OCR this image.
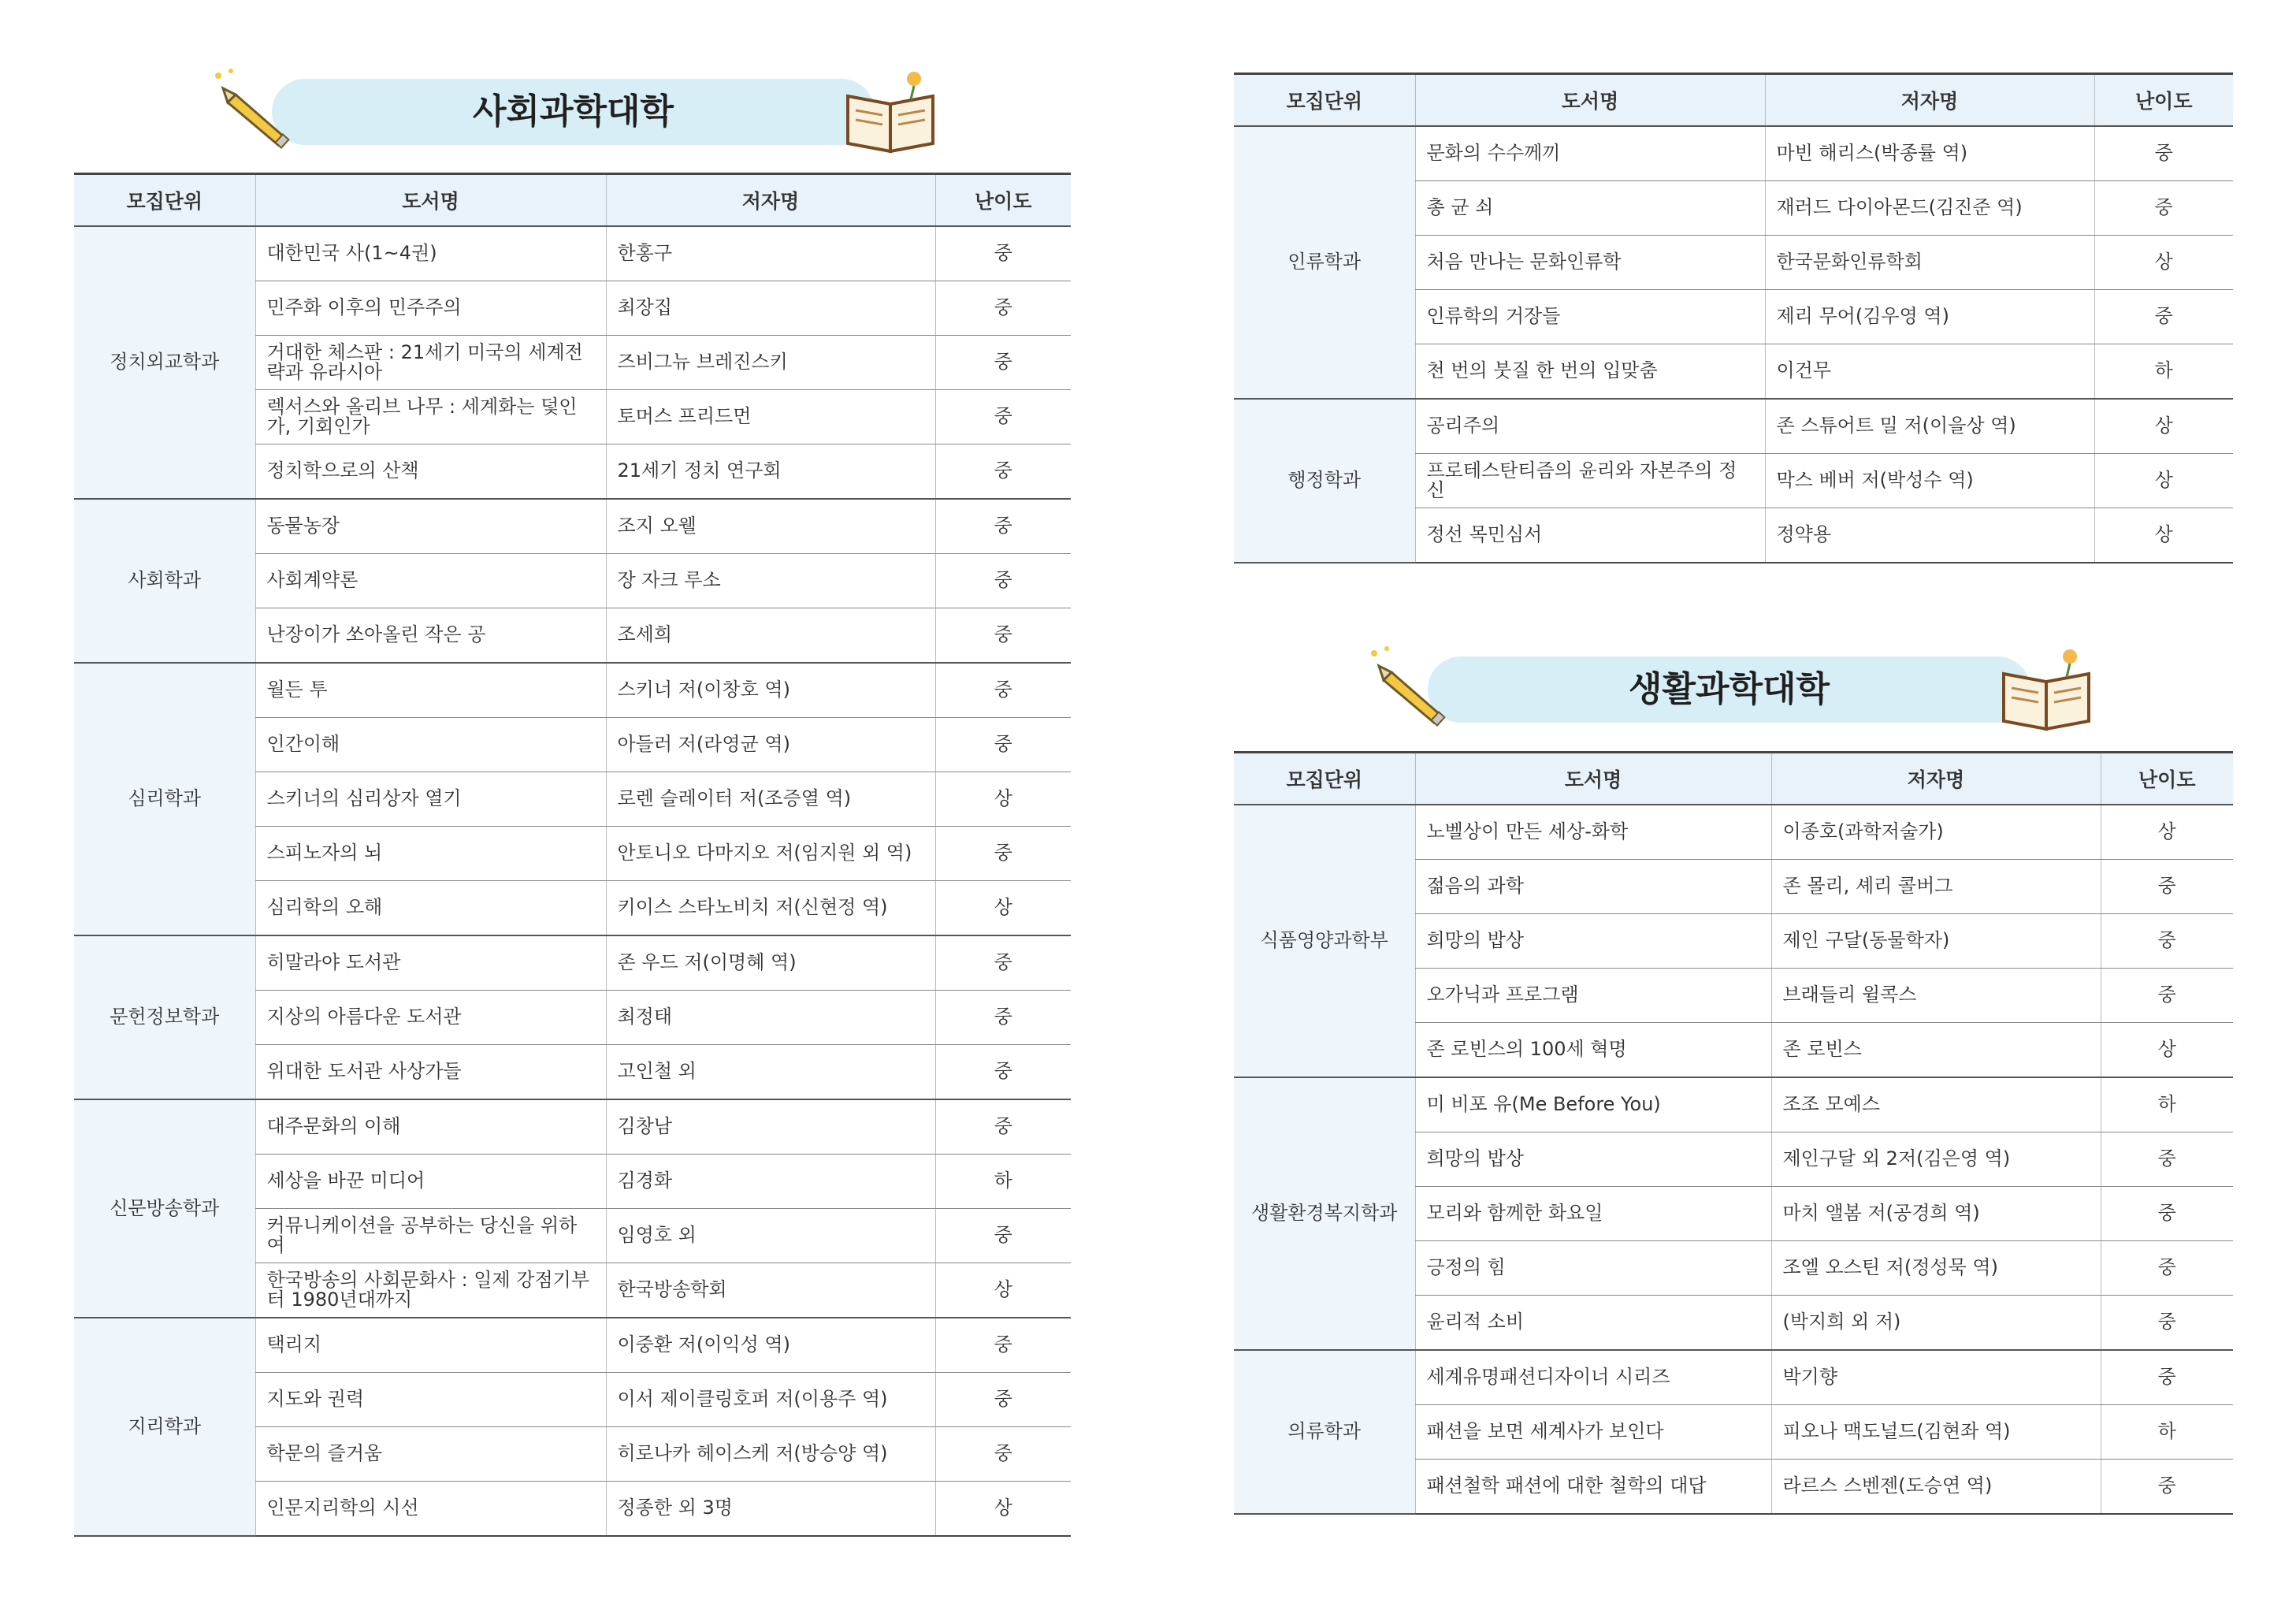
사회과학대학
모집단위	도서명	저자명	난이도
정치외교학과	대한민국 사(1~4권)	한홍구	중
	민주화 이후의 민주주의	최장집	중
	거대한 체스판 : 21세기 미국의 세계전략과 유라시아	즈비그뉴 브레진스키	중
	렉서스와 올리브 나무 : 세계화는 덫인가, 기회인가	토머스 프리드먼	중
	정치학으로의 산책	21세기 정치 연구회	중
사회학과	동물농장	조지 오웰	중
	사회계약론	장 자크 루소	중
	난장이가 쏘아올린 작은 공	조세희	중
심리학과	월든 투	스키너 저(이창호 역)	중
	인간이해	아들러 저(라영균 역)	중
	스키너의 심리상자 열기	로렌 슬레이터 저(조증열 역)	상
	스피노자의 뇌	안토니오 다마지오 저(임지원 외 역)	중
	심리학의 오해	키이스 스타노비치 저(신현정 역)	상
문헌정보학과	히말라야 도서관	존 우드 저(이명혜 역)	중
	지상의 아름다운 도서관	최정태	중
	위대한 도서관 사상가들	고인철 외	중
신문방송학과	대주문화의 이해	김창남	중
	세상을 바꾼 미디어	김경화	하
	커뮤니케이션을 공부하는 당신을 위하여	임영호 외	중
	한국방송의 사회문화사 : 일제 강점기부터 1980년대까지	한국방송학회	상
지리학과	택리지	이중환 저(이익성 역)	중
	지도와 권력	이서 제이클링호퍼 저(이용주 역)	중
	학문의 즐거움	히로나카 헤이스케 저(방승양 역)	중
	인문지리학의 시선	정종한 외 3명	상
모집단위	도서명	저자명	난이도
인류학과	문화의 수수께끼	마빈 해리스(박종률 역)	중
	총 균 쇠	재러드 다이아몬드(김진준 역)	중
	처음 만나는 문화인류학	한국문화인류학회	상
	인류학의 거장들	제리 무어(김우영 역)	중
	천 번의 붓질 한 번의 입맞춤	이건무	하
행정학과	공리주의	존 스튜어트 밀 저(이을상 역)	상
	프로테스탄티즘의 윤리와 자본주의 정신	막스 베버 저(박성수 역)	상
	정선 목민심서	정약용	상
생활과학대학
모집단위	도서명	저자명	난이도
식품영양과학부	노벨상이 만든 세상-화학	이종호(과학저술가)	상
	젊음의 과학	존 몰리, 셰리 콜버그	중
	희망의 밥상	제인 구달(동물학자)	중
	오가닉과 프로그램	브래들리 윌콕스	중
	존 로빈스의 100세 혁명	존 로빈스	상
생활환경복지학과	미 비포 유(Me Before You)	조조 모예스	하
	희망의 밥상	제인구달 외 2저(김은영 역)	중
	모리와 함께한 화요일	마치 앨봄 저(공경희 역)	중
	긍정의 힘	조엘 오스틴 저(정성묵 역)	중
	윤리적 소비	(박지희 외 저)	중
의류학과	세계유명패션디자이너 시리즈	박기향	중
	패션을 보면 세계사가 보인다	피오나 맥도널드(김현좌 역)	하
	패션철학 패션에 대한 철학의 대답	라르스 스벤젠(도승연 역)	중
